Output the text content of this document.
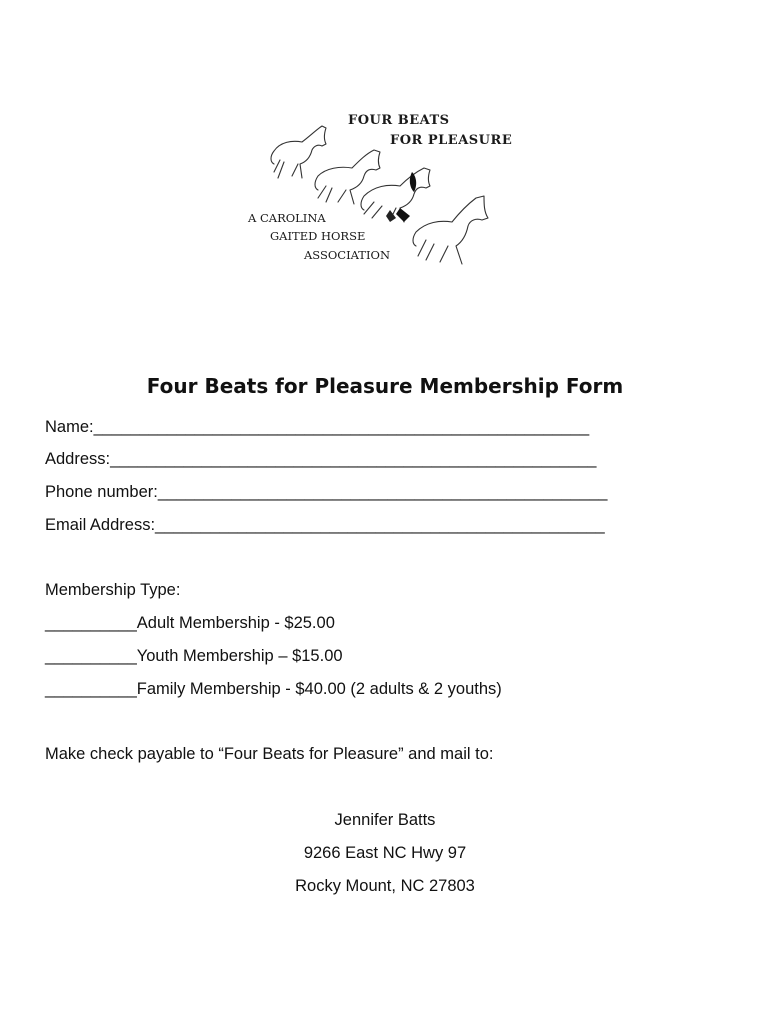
FOUR BEATS
FOR PLEASURE
A CAROLINA
GAITED HORSE
ASSOCIATION
Four Beats for Pleasure Membership Form
Name:______________________________________________________
Address:_____________________________________________________
Phone number:_________________________________________________
Email Address:_________________________________________________
Membership Type:
__________Adult Membership - $25.00
__________Youth Membership – $15.00
__________Family Membership - $40.00 (2 adults & 2 youths)
Make check payable to “Four Beats for Pleasure” and mail to:
Jennifer Batts
9266 East NC Hwy 97
Rocky Mount, NC 27803
